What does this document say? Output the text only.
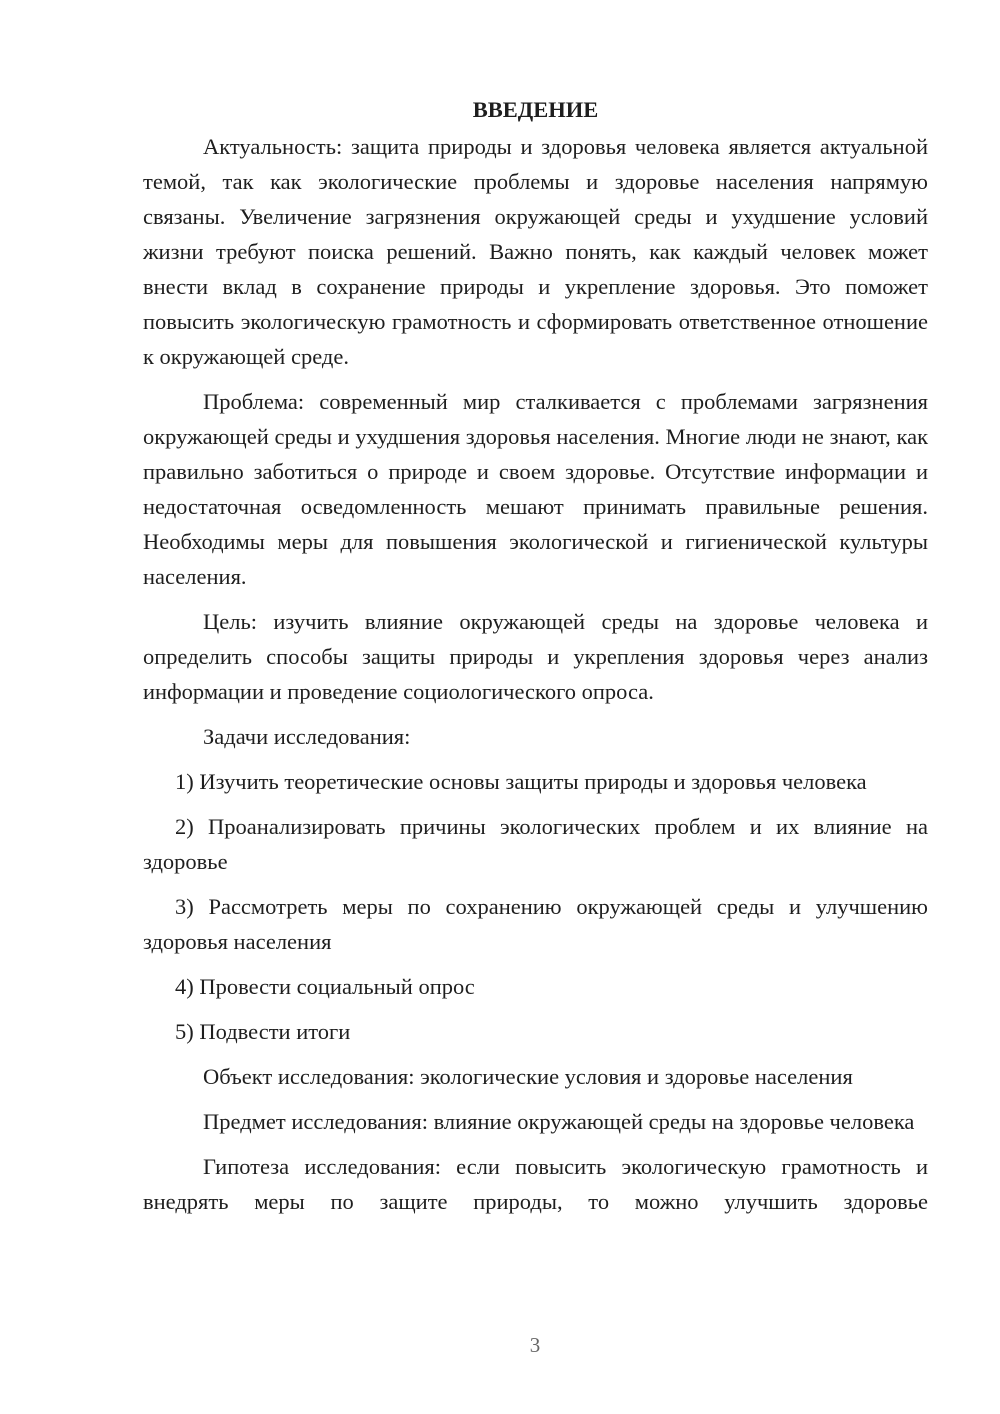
ВВЕДЕНИЕ

Актуальность: защита природы и здоровья человека является актуальной темой, так как экологические проблемы и здоровье населения напрямую связаны. Увеличение загрязнения окружающей среды и ухудшение условий жизни требуют поиска решений. Важно понять, как каждый человек может внести вклад в сохранение природы и укрепление здоровья. Это поможет повысить экологическую грамотность и сформировать ответственное отношение к окружающей среде.

Проблема: современный мир сталкивается с проблемами загрязнения окружающей среды и ухудшения здоровья населения. Многие люди не знают, как правильно заботиться о природе и своем здоровье. Отсутствие информации и недостаточная осведомленность мешают принимать правильные решения. Необходимы меры для повышения экологической и гигиенической культуры населения.

Цель: изучить влияние окружающей среды на здоровье человека и определить способы защиты природы и укрепления здоровья через анализ информации и проведение социологического опроса.

Задачи исследования:

1) Изучить теоретические основы защиты природы и здоровья человека

2) Проанализировать причины экологических проблем и их влияние на здоровье

3) Рассмотреть меры по сохранению окружающей среды и улучшению здоровья населения

4) Провести социальный опрос

5) Подвести итоги

Объект исследования: экологические условия и здоровье населения

Предмет исследования: влияние окружающей среды на здоровье человека

Гипотеза исследования: если повысить экологическую грамотность и внедрять меры по защите природы, то можно улучшить здоровье

3
